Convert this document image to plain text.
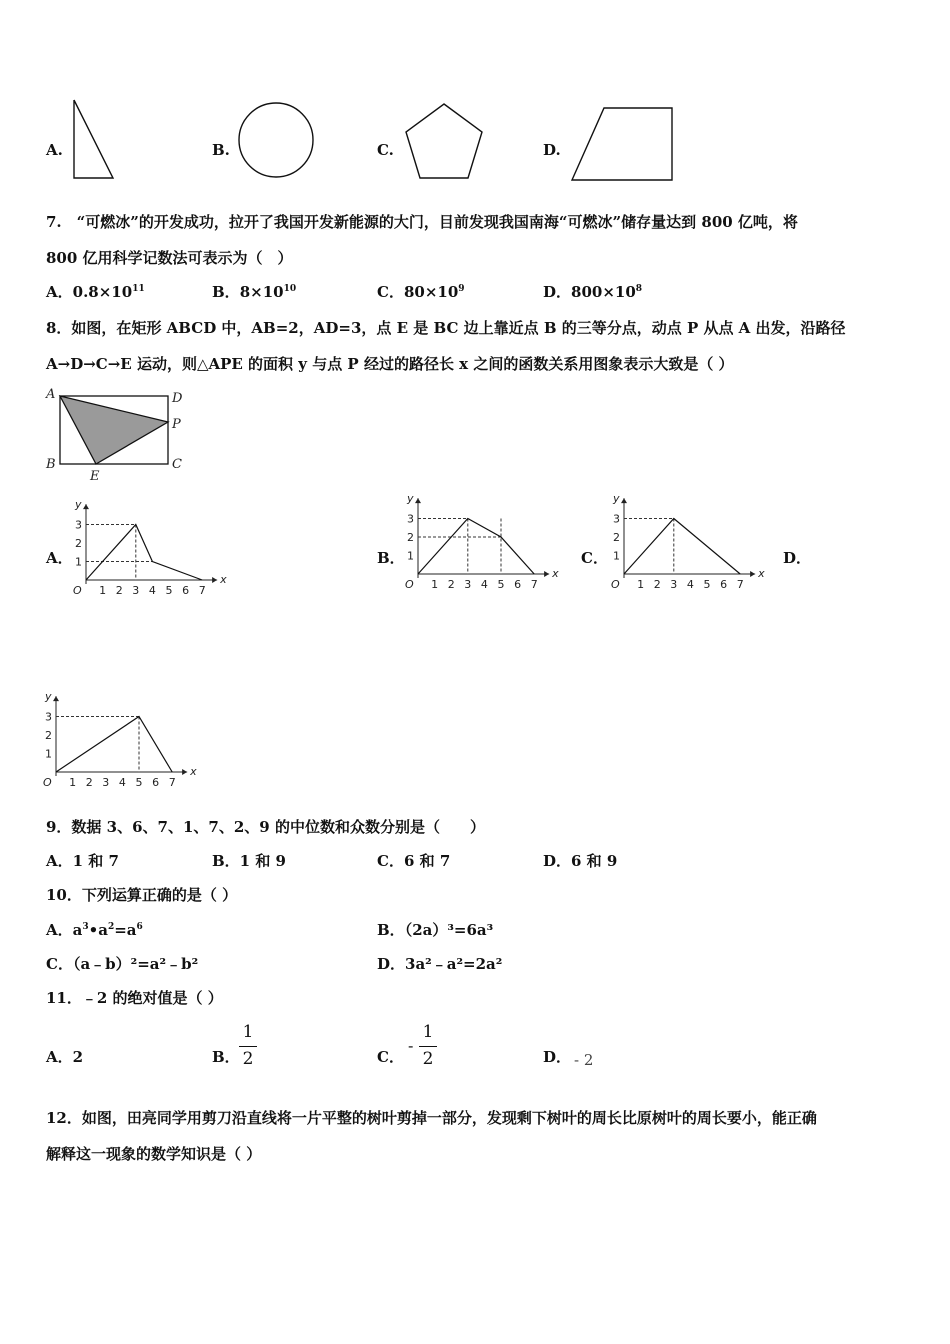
A.	B.	C.	D.
7.　“可燃冰”的开发成功，拉开了我国开发新能源的大门，目前发现我国南海“可燃冰”储存量达到 800 亿吨，将
800 亿用科学记数法可表示为（　）
A．$0.8\times 10^{11}$	B．$8\times 10^{10}$	C．$80\times 10^9$	D．$800\times 10^8$
8．如图，在矩形 ABCD 中，AB=2，AD=3，点 E 是 BC 边上靠近点 B 的三等分点，动点 P 从点 A 出发，沿路径
A→D→C→E 运动，则△APE 的面积 y 与点 P 经过的路径长 x 之间的函数关系用图象表示大致是（ ）
A	D
P
B	C
E
A．	B．	C．	D．
x
y
O 1 2 3 4 5 6 7
1
2
3
x
y
O 1 2 3 4 5 6 7
1
2
3
x
y
O 1 2 3 4 5 6 7
1
2
3
x
y
O 1 2 3 4 5 6 7
1
2
3
9．数据 3、6、7、1、7、2、9 的中位数和众数分别是（　　）
A．1 和 7	B．1 和 9	C．6 和 7	D．6 和 9
10．下列运算正确的是（ ）
A．$a^3•a^2=a^6$	B．（2a）³=6a³
C．（a﹣b）²=a²﹣b²	D．3a²﹣a²=2a²
11．﹣2 的绝对值是（ ）
A．2	B．
1
2	C．
-
1
2	D． - 2
12．如图，田亮同学用剪刀沿直线将一片平整的树叶剪掉一部分，发现剩下树叶的周长比原树叶的周长要小，能正确
解释这一现象的数学知识是（ ）
